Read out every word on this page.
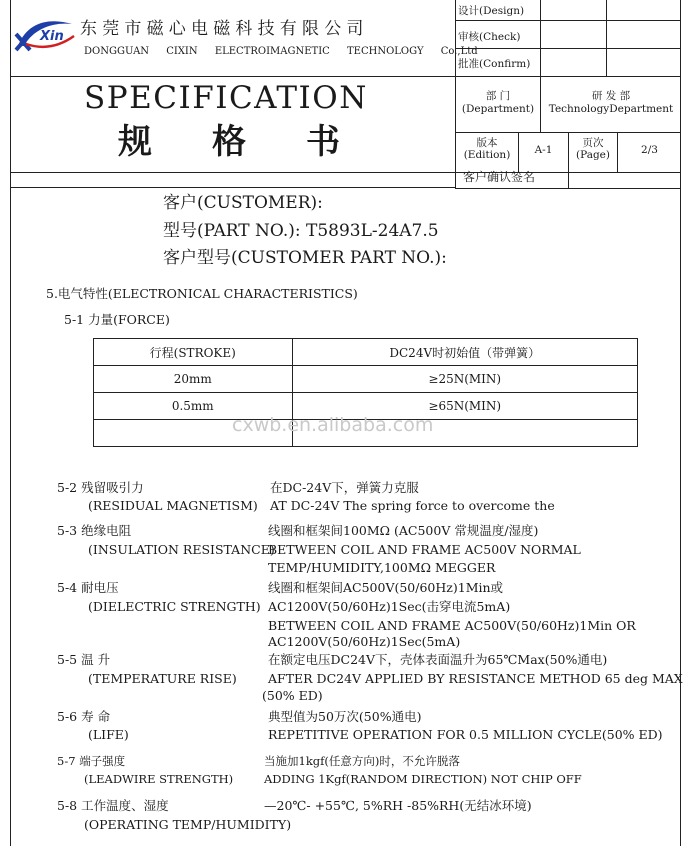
Xin 东莞市磁心电磁科技有限公司
DONGGUAN CIXIN ELECTROIMAGNETIC TECHNOLOGY Co.,Ltd
设计(Design)
审核(Check)
批准(Confirm)
SPECIFICATION
规格书
部 门
(Department)
研 发 部
TechnologyDepartment
版本
(Edition)	A-1
页次
(Page)	2/3
客户确认签名
客户(CUSTOMER):
型号(PART NO.): T5893L-24A7.5
客户型号(CUSTOMER PART NO.):
5.电气特性(ELECTRONICAL CHARACTERISTICS)
5-1 力量(FORCE)
行程(STROKE)	DC24V时初始值（带弹簧）
20mm	≥25N(MIN)
0.5mm	≥65N(MIN)

cxwb.en.alibaba.com
5-2 残留吸引力
(RESIDUAL MAGNETISM)
在DC-24V下，弹簧力克服
AT DC-24V The spring force to overcome the
5-3 绝缘电阻
(INSULATION RESISTANCE)
线圈和框架间100MΩ (AC500V 常规温度/湿度)
BETWEEN COIL AND FRAME AC500V NORMAL
TEMP/HUMIDITY,100MΩ MEGGER
5-4 耐电压
(DIELECTRIC STRENGTH)
线圈和框架间AC500V(50/60Hz)1Min或
AC1200V(50/60Hz)1Sec(击穿电流5mA)
BETWEEN COIL AND FRAME AC500V(50/60Hz)1Min OR
AC1200V(50/60Hz)1Sec(5mA)
5-5 温 升
(TEMPERATURE RISE)
在额定电压DC24V下，壳体表面温升为65℃Max(50%通电)
AFTER DC24V APPLIED BY RESISTANCE METHOD 65 deg MAX
(50% ED)
5-6 寿 命
(LIFE)
典型值为50万次(50%通电)
REPETITIVE OPERATION FOR 0.5 MILLION CYCLE(50% ED)
5-7 端子强度
(LEADWIRE STRENGTH)
当施加1kgf(任意方向)时，不允许脱落
ADDING 1Kgf(RANDOM DIRECTION) NOT CHIP OFF
5-8 工作温度、湿度
(OPERATING TEMP/HUMIDITY)
—20℃- +55℃, 5%RH -85%RH(无结冰环境)
